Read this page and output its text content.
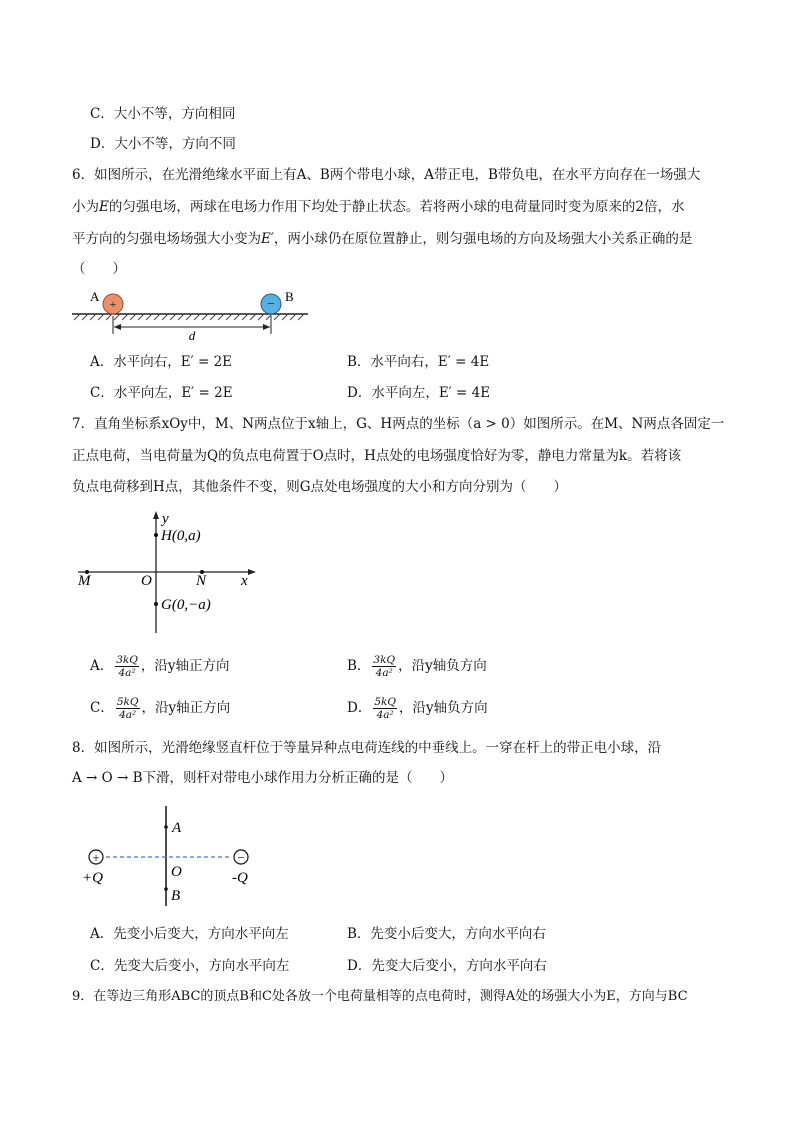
C．大小不等，方向相同
D．大小不等，方向不同
6．如图所示，在光滑绝缘水平面上有A、B两个带电小球，A带正电，B带负电，在水平方向存在一场强大
小为E的匀强电场，两球在电场力作用下均处于静止状态。若将两小球的电荷量同时变为原来的2倍，水
平方向的匀强电场场强大小变为E′，两小球仍在原位置静止，则匀强电场的方向及场强大小关系正确的是
（　　）
+
A	− B
d
A．水平向右，E′ = 2E	B．水平向右，E′ = 4E
C．水平向左，E′ = 2E	D．水平向左，E′ = 4E
7．直角坐标系xOy中，M、N两点位于x轴上，G、H两点的坐标（a > 0）如图所示。在M、N两点各固定一
正点电荷，当电荷量为Q的负点电荷置于O点时，H点处的电场强度恰好为零，静电力常量为k。若将该
负点电荷移到H点，其他条件不变，则G点处电场强度的大小和方向分别为（　　）
y
x
H(0,a)
G(0,−a)
M	O	N
A． $\frac{3kQ}{\text{4a²}}$ ，沿y轴正方向	B． $\frac{3kQ}{\text{4a²}}$ ，沿y轴负方向
C． $\frac{5kQ}{\text{4a²}}$ ，沿y轴正方向	D． $\frac{5kQ}{\text{4a²}}$ ，沿y轴负方向
8．如图所示，光滑绝缘竖直杆位于等量异种点电荷连线的中垂线上。一穿在杆上的带正电小球，沿
A → O → B下滑，则杆对带电小球作用力分析正确的是（　　）
+	−
A
O
B
+Q	-Q
A．先变小后变大，方向水平向左	B．先变小后变大，方向水平向右
C．先变大后变小，方向水平向左	D．先变大后变小，方向水平向右
9．在等边三角形ABC的顶点B和C处各放一个电荷量相等的点电荷时，测得A处的场强大小为E，方向与BC
